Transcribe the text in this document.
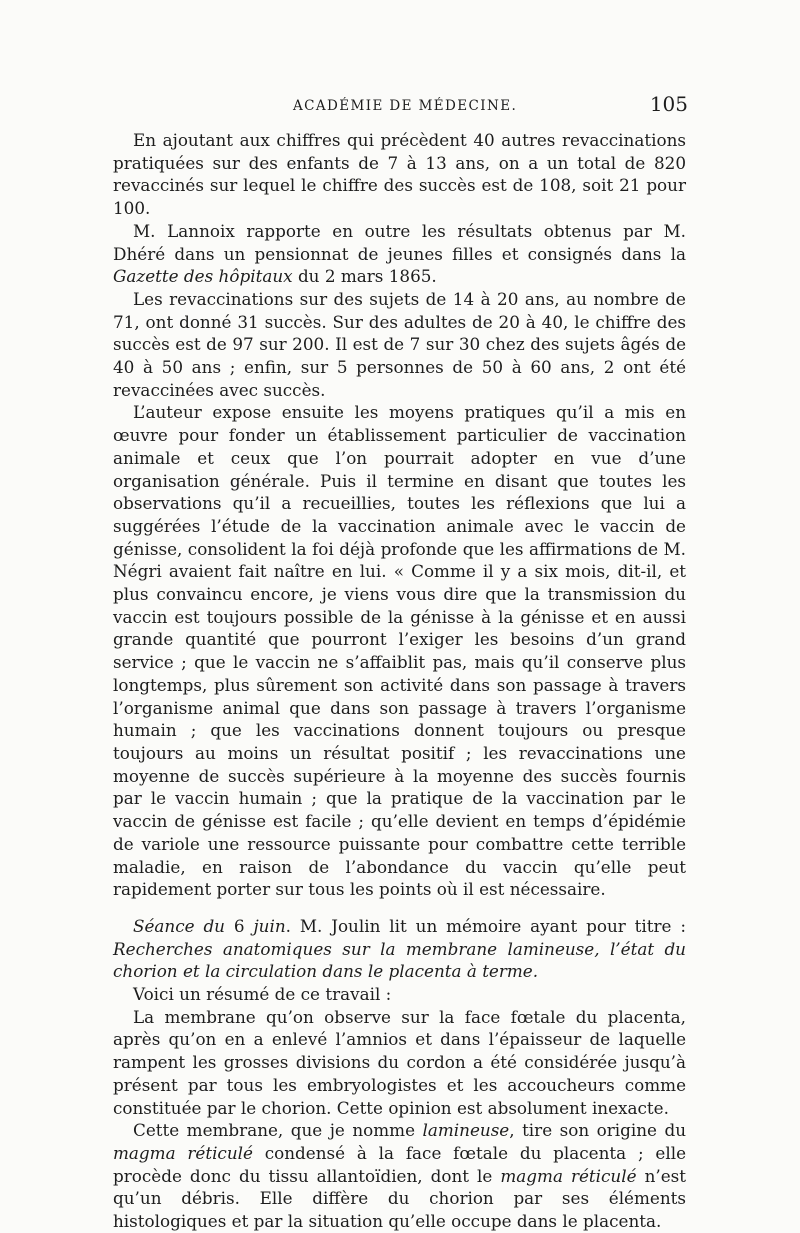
ACADÉMIE DE MÉDECINE.	105

En ajoutant aux chiffres qui précèdent 40 autres revaccinations pratiquées sur des enfants de 7 à 13 ans, on a un total de 820 revaccinés sur lequel le chiffre des succès est de 108, soit 21 pour 100.

M. Lannoix rapporte en outre les résultats obtenus par M. Dhéré dans un pensionnat de jeunes filles et consignés dans la Gazette des hôpitaux du 2 mars 1865.

Les revaccinations sur des sujets de 14 à 20 ans, au nombre de 71, ont donné 31 succès. Sur des adultes de 20 à 40, le chiffre des succès est de 97 sur 200. Il est de 7 sur 30 chez des sujets âgés de 40 à 50 ans ; enfin, sur 5 personnes de 50 à 60 ans, 2 ont été revaccinées avec succès.

L’auteur expose ensuite les moyens pratiques qu’il a mis en œuvre pour fonder un établissement particulier de vaccination animale et ceux que l’on pourrait adopter en vue d’une organisation générale. Puis il termine en disant que toutes les observations qu’il a recueillies, toutes les réflexions que lui a suggérées l’étude de la vaccination animale avec le vaccin de génisse, consolident la foi déjà profonde que les affirmations de M. Négri avaient fait naître en lui. « Comme il y a six mois, dit-il, et plus convaincu encore, je viens vous dire que la transmission du vaccin est toujours possible de la génisse à la génisse et en aussi grande quantité que pourront l’exiger les besoins d’un grand service ; que le vaccin ne s’affaiblit pas, mais qu’il conserve plus longtemps, plus sûrement son activité dans son passage à travers l’organisme animal que dans son passage à travers l’organisme humain ; que les vaccinations donnent toujours ou presque toujours au moins un résultat positif ; les revaccinations une moyenne de succès supérieure à la moyenne des succès fournis par le vaccin humain ; que la pratique de la vaccination par le vaccin de génisse est facile ; qu’elle devient en temps d’épidémie de variole une ressource puissante pour combattre cette terrible maladie, en raison de l’abondance du vaccin qu’elle peut rapidement porter sur tous les points où il est nécessaire.

Séance du 6 juin. M. Joulin lit un mémoire ayant pour titre : Recherches anatomiques sur la membrane lamineuse, l’état du chorion et la circulation dans le placenta à terme.

Voici un résumé de ce travail :

La membrane qu’on observe sur la face fœtale du placenta, après qu’on en a enlevé l’amnios et dans l’épaisseur de laquelle rampent les grosses divisions du cordon a été considérée jusqu’à présent par tous les embryologistes et les accoucheurs comme constituée par le chorion. Cette opinion est absolument inexacte.

Cette membrane, que je nomme lamineuse, tire son origine du magma réticulé condensé à la face fœtale du placenta ; elle procède donc du tissu allantoïdien, dont le magma réticulé n’est qu’un débris. Elle diffère du chorion par ses éléments histologiques et par la situation qu’elle occupe dans le placenta.
